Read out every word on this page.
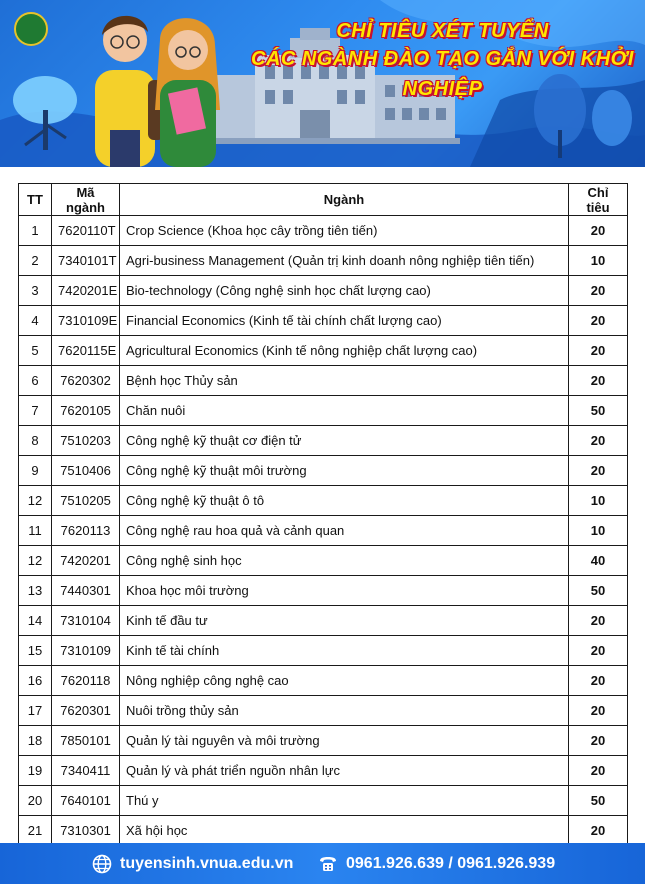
CHỈ TIÊU XÉT TUYỂN
CÁC NGÀNH ĐÀO TẠO GẮN VỚI KHỞI NGHIỆP
TT	Mã ngành	Ngành	Chỉ tiêu
1	7620110T	Crop Science (Khoa học cây trồng tiên tiến)	20
2	7340101T	Agri-business Management (Quản trị kinh doanh nông nghiệp tiên tiến)	10
3	7420201E	Bio-technology (Công nghệ sinh học chất lượng cao)	20
4	7310109E	Financial Economics (Kinh tế tài chính chất lượng cao)	20
5	7620115E	Agricultural Economics (Kinh tế nông nghiệp chất lượng cao)	20
6	7620302	Bệnh học Thủy sản	20
7	7620105	Chăn nuôi	50
8	7510203	Công nghệ kỹ thuật cơ điện tử	20
9	7510406	Công nghệ kỹ thuật môi trường	20
12	7510205	Công nghệ kỹ thuật ô tô	10
11	7620113	Công nghệ rau hoa quả và cảnh quan	10
12	7420201	Công nghệ sinh học	40
13	7440301	Khoa học môi trường	50
14	7310104	Kinh tế đầu tư	20
15	7310109	Kinh tế tài chính	20
16	7620118	Nông nghiệp công nghệ cao	20
17	7620301	Nuôi trồng thủy sản	20
18	7850101	Quản lý tài nguyên và môi trường	20
19	7340411	Quản lý và phát triển nguồn nhân lực	20
20	7640101	Thú y	50
21	7310301	Xã hội học	20
tuyensinh.vnua.edu.vn	0961.926.639 / 0961.926.939
